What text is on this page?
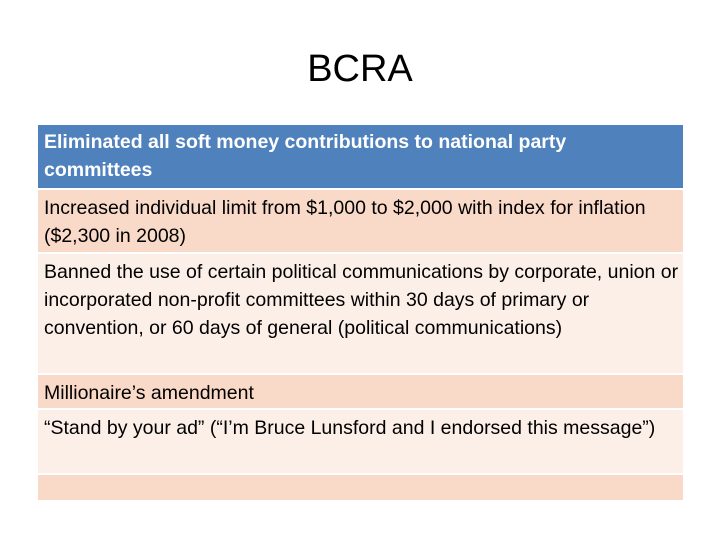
BCRA
Eliminated all soft money contributions to national party committees
Increased individual limit from $1,000 to $2,000 with index for inflation ($2,300 in 2008)
Banned the use of certain political communications by corporate, union or incorporated non-profit committees within 30 days of primary or convention, or 60 days of general (political communications)
Millionaire’s amendment
“Stand by your ad” (“I’m Bruce Lunsford and I endorsed this message”)
